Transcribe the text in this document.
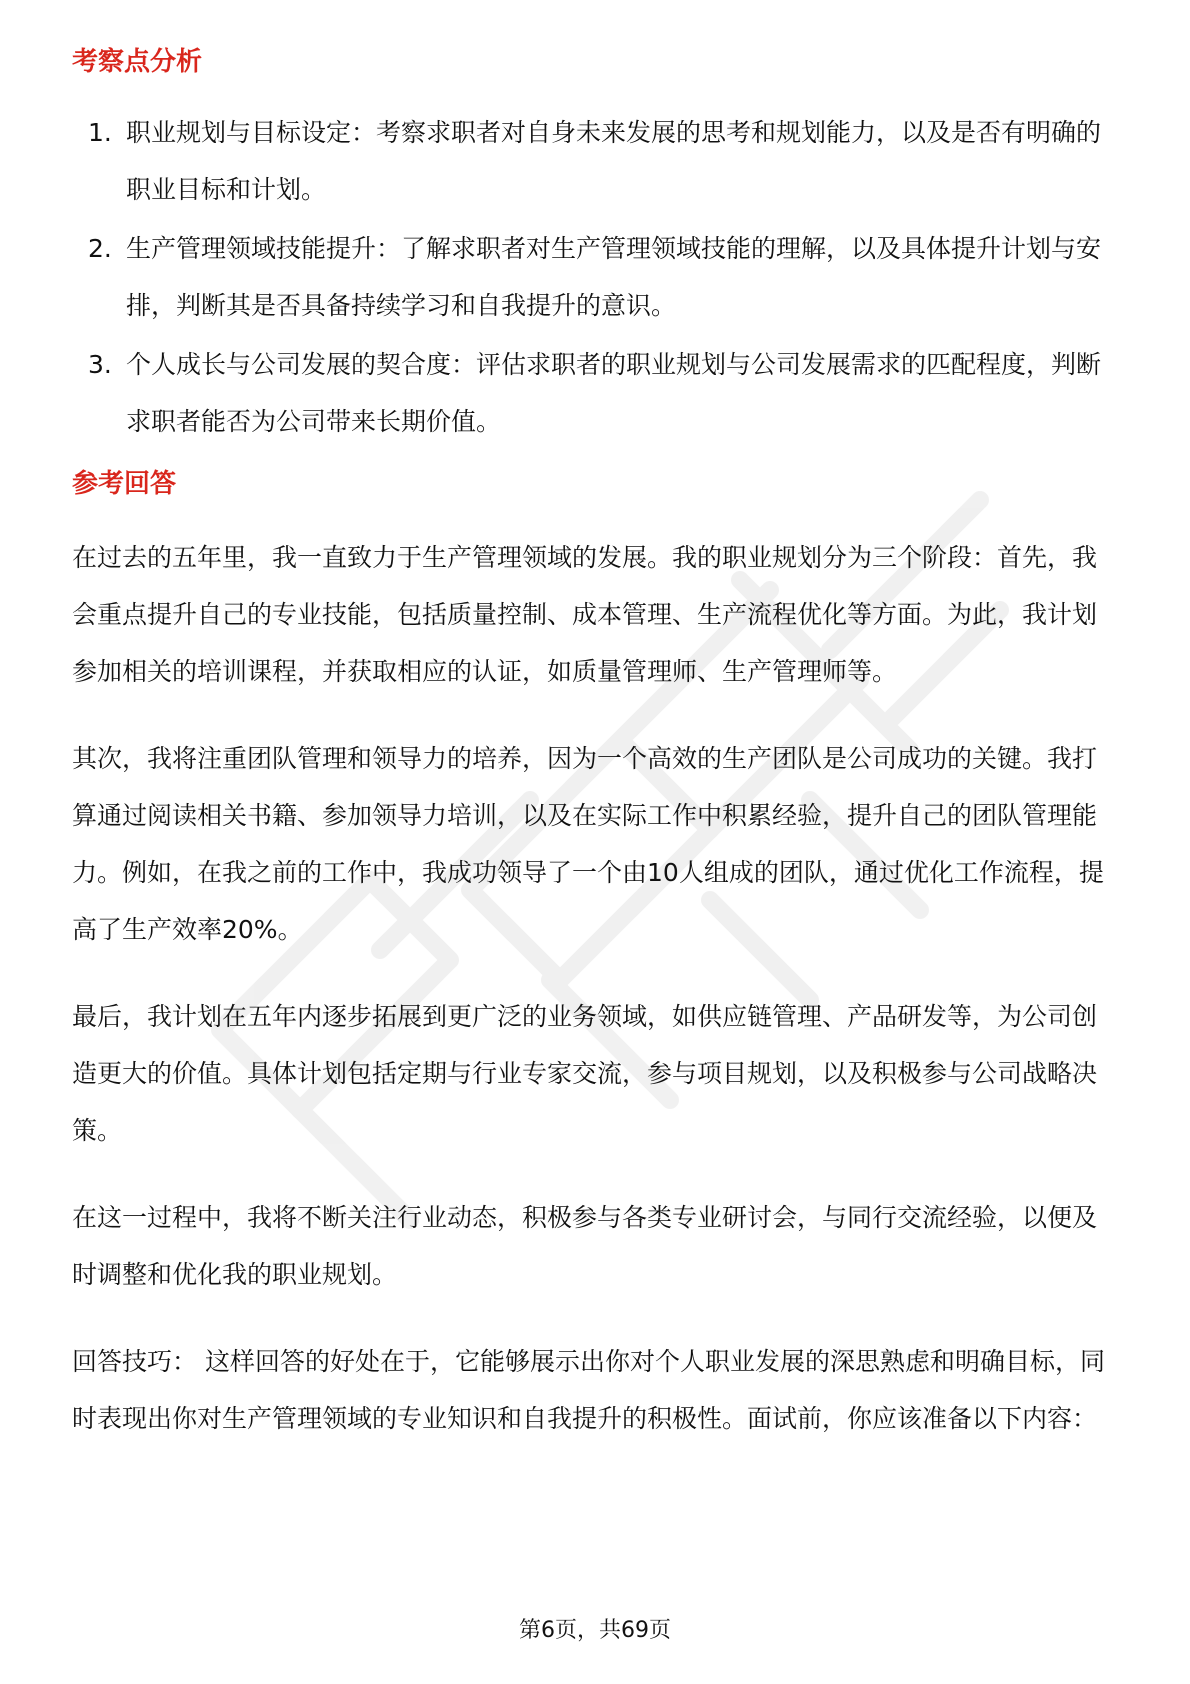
考察点分析
1. 职业规划与目标设定：考察求职者对自身未来发展的思考和规划能力，以及是否有明确的职业目标和计划。
2. 生产管理领域技能提升：了解求职者对生产管理领域技能的理解，以及具体提升计划与安排，判断其是否具备持续学习和自我提升的意识。
3. 个人成长与公司发展的契合度：评估求职者的职业规划与公司发展需求的匹配程度，判断求职者能否为公司带来长期价值。
参考回答

在过去的五年里，我一直致力于生产管理领域的发展。我的职业规划分为三个阶段：首先，我会重点提升自己的专业技能，包括质量控制、成本管理、生产流程优化等方面。为此，我计划参加相关的培训课程，并获取相应的认证，如质量管理师、生产管理师等。

其次，我将注重团队管理和领导力的培养，因为一个高效的生产团队是公司成功的关键。我打算通过阅读相关书籍、参加领导力培训，以及在实际工作中积累经验，提升自己的团队管理能力。例如，在我之前的工作中，我成功领导了一个由10人组成的团队，通过优化工作流程，提高了生产效率20%。

最后，我计划在五年内逐步拓展到更广泛的业务领域，如供应链管理、产品研发等，为公司创造更大的价值。具体计划包括定期与行业专家交流，参与项目规划，以及积极参与公司战略决策。

在这一过程中，我将不断关注行业动态，积极参与各类专业研讨会，与同行交流经验，以便及时调整和优化我的职业规划。

回答技巧： 这样回答的好处在于，它能够展示出你对个人职业发展的深思熟虑和明确目标，同时表现出你对生产管理领域的专业知识和自我提升的积极性。面试前，你应该准备以下内容：

第6页，共69页
